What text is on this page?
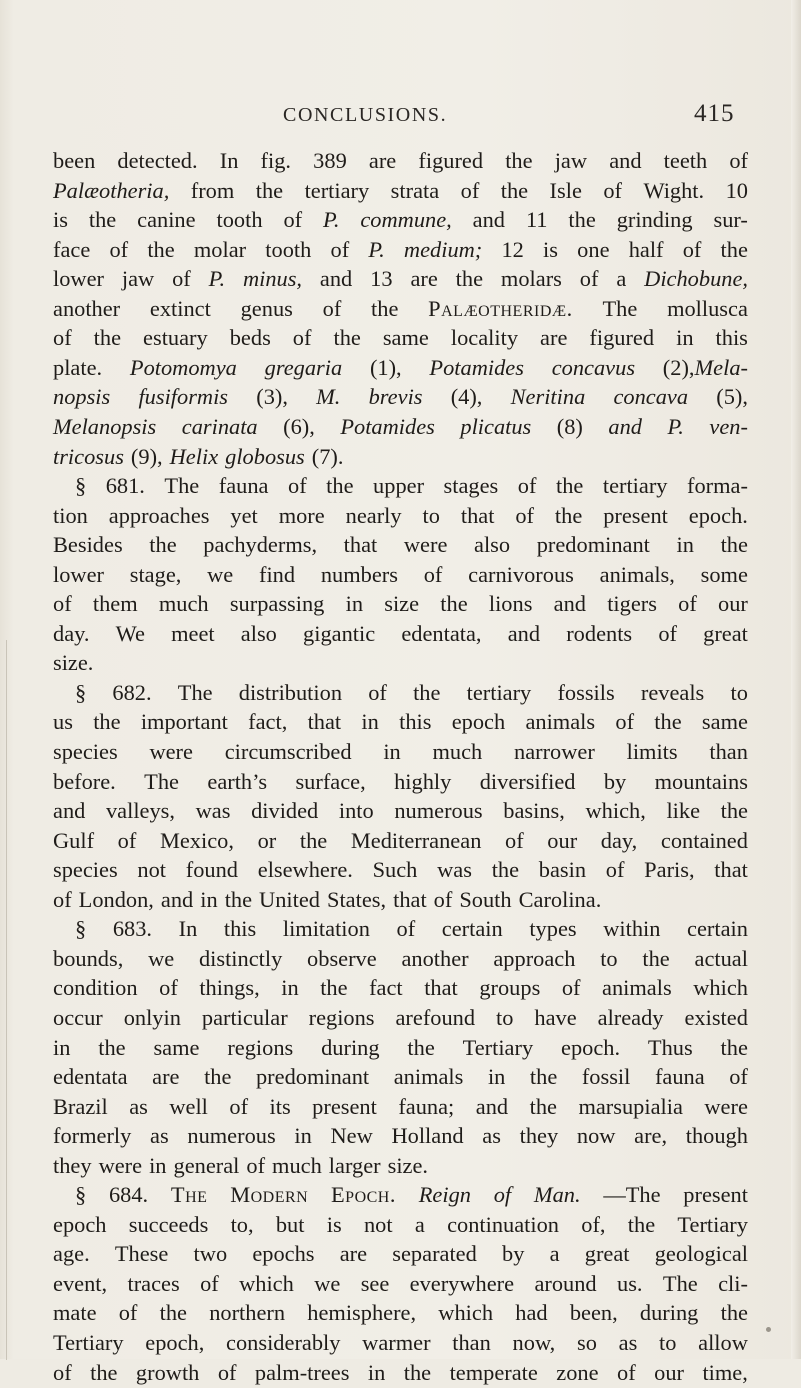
CONCLUSIONS.	415
been detected. In fig. 389 are figured the jaw and teeth of
Palæotheria, from the tertiary strata of the Isle of Wight. 10
is the canine tooth of P. commune, and 11 the grinding sur-
face of the molar tooth of P. medium; 12 is one half of the
lower jaw of P. minus, and 13 are the molars of a Dichobune,
another extinct genus of the Palæotheridæ. The mollusca
of the estuary beds of the same locality are figured in this
plate. Potomomya gregaria (1), Potamides concavus (2),Mela-
nopsis fusiformis (3), M. brevis (4), Neritina concava (5),
Melanopsis carinata (6), Potamides plicatus (8) and P. ven-
tricosus (9), Helix globosus (7).
§ 681. The fauna of the upper stages of the tertiary forma-
tion approaches yet more nearly to that of the present epoch.
Besides the pachyderms, that were also predominant in the
lower stage, we find numbers of carnivorous animals, some
of them much surpassing in size the lions and tigers of our
day. We meet also gigantic edentata, and rodents of great
size.
§ 682. The distribution of the tertiary fossils reveals to
us the important fact, that in this epoch animals of the same
species were circumscribed in much narrower limits than
before. The earth’s surface, highly diversified by mountains
and valleys, was divided into numerous basins, which, like the
Gulf of Mexico, or the Mediterranean of our day, contained
species not found elsewhere. Such was the basin of Paris, that
of London, and in the United States, that of South Carolina.
§ 683. In this limitation of certain types within certain
bounds, we distinctly observe another approach to the actual
condition of things, in the fact that groups of animals which
occur onlyin particular regions arefound to have already existed
in the same regions during the Tertiary epoch. Thus the
edentata are the predominant animals in the fossil fauna of
Brazil as well of its present fauna; and the marsupialia were
formerly as numerous in New Holland as they now are, though
they were in general of much larger size.
§ 684. The Modern Epoch. Reign of Man. —The present
epoch succeeds to, but is not a continuation of, the Tertiary
age. These two epochs are separated by a great geological
event, traces of which we see everywhere around us. The cli-
mate of the northern hemisphere, which had been, during the
Tertiary epoch, considerably warmer than now, so as to allow
of the growth of palm-trees in the temperate zone of our time,
